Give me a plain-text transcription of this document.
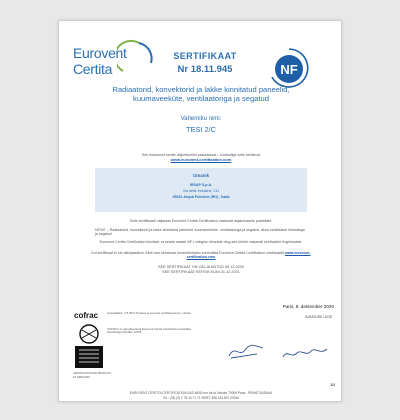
Eurovent
Certita
SERTIFIKAAT
Nr 18.11.945	NF
Radiaatorid, konvektorid ja lakke kinnitatud paneelid, kuumaveeküte, ventilaatoriga ja segatud
Vahemiku nimi:
TESI 2/C
See dokument kehtib üldjuhtumitel kasutatavat – kontrollige selle kehtivust
www.eurovent-certification.com
Omanik
IRSAP S.p.A.
Via delle Industrie, 211
45031 Arquà Polesine (RO) , Italia
Selle sertifikaadi väljastas Eurovent Certita Certification vastavalt asjakohasele praktikale.
NF047 – Radiaatorid, konvektorid ja lakke kinnitatud paneelid, kuumaveeküte, ventilaatoriga ja segatud, akud ventilaatori ülekattega ja segatud
Eurovent Certita Certification kinnitab, et seade vastab NF-i märgise nõuetele ning see kehtib vastavalt kehtivatele tingimustele.
Kui sertifikaat ei ole allkirjastatud, tuleb see kehtivuse kontrollimiseks kontrollida Eurovent Certita Certification veebisaidilt www.eurovent-certification.com
SEE SERTIFIKAAT ON VÄLJA ANTUD 06.12.2020
SEE SERTIFIKAAT KEHTIB KUNI 31.12.2021
Paris, 8. detsember 2020
JUHATUSE LIIGE
cofrac	Accréditation n°5-0517 Toodete ja teenuste sertifitseerimine, nõutav
COFRAC on akrediteerinud Eurovent Certita Certification kooskõlas standardiga ISO/IEC 17065
CERTIFICATION DE PRODUITS ET SERVICES
1/2
EUROVENT CERTITA CERTIFICATION SAS 48/50 rue de la Victoire 75009 Paris - PRANTSUSMAA
Tel.: (33) (0) 1 75 44 71 71 SIRET 828 153 807 00018
